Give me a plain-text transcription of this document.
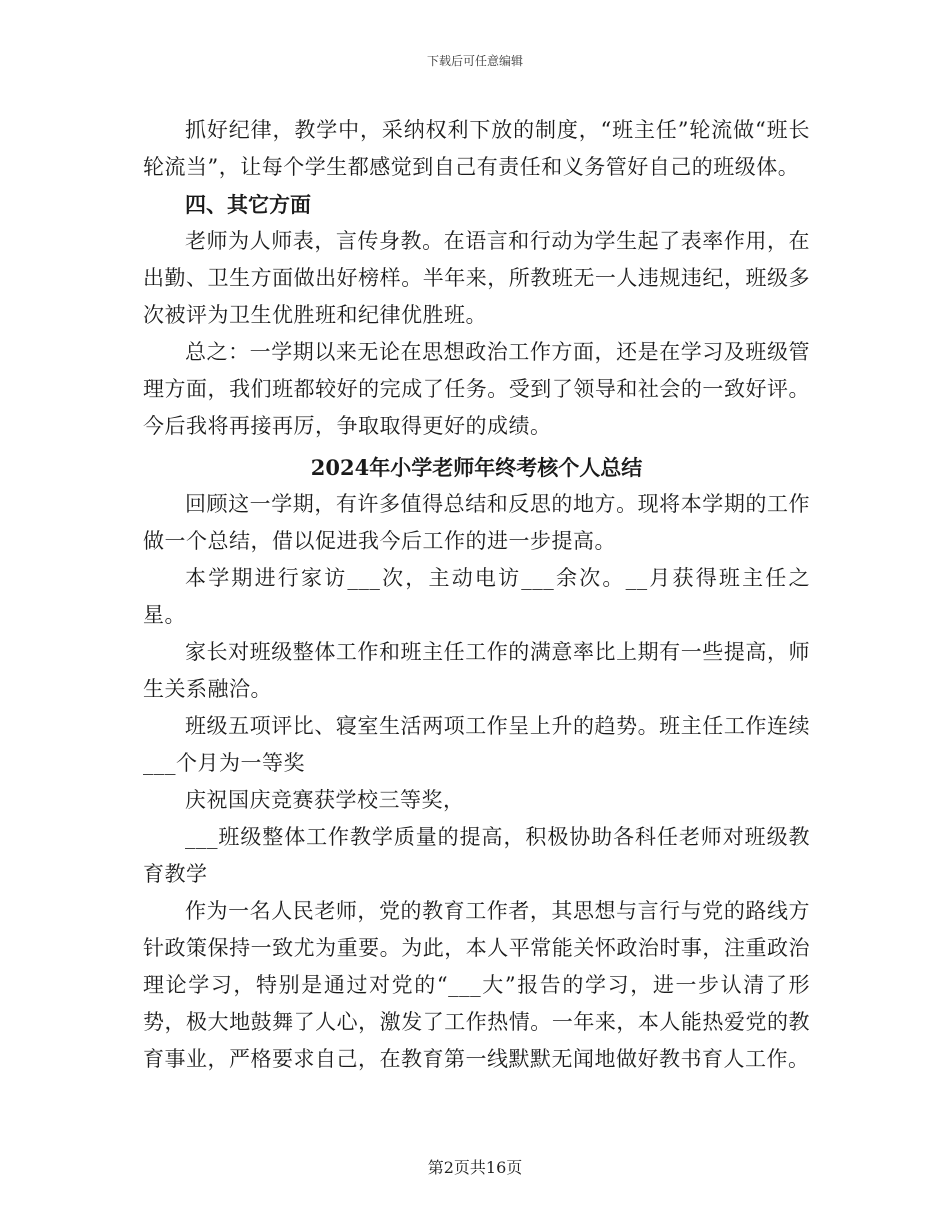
下载后可任意编辑

抓好纪律，教学中，采纳权利下放的制度，“班主任”轮流做“班长轮流当”，让每个学生都感觉到自己有责任和义务管好自己的班级体。

四、其它方面

老师为人师表，言传身教。在语言和行动为学生起了表率作用，在出勤、卫生方面做出好榜样。半年来，所教班无一人违规违纪，班级多次被评为卫生优胜班和纪律优胜班。

总之：一学期以来无论在思想政治工作方面，还是在学习及班级管理方面，我们班都较好的完成了任务。受到了领导和社会的一致好评。今后我将再接再厉，争取取得更好的成绩。

2024年小学老师年终考核个人总结

回顾这一学期，有许多值得总结和反思的地方。现将本学期的工作做一个总结，借以促进我今后工作的进一步提高。

本学期进行家访___次，主动电访___余次。__月获得班主任之星。

家长对班级整体工作和班主任工作的满意率比上期有一些提高，师生关系融洽。

班级五项评比、寝室生活两项工作呈上升的趋势。班主任工作连续___个月为一等奖

庆祝国庆竞赛获学校三等奖，

___班级整体工作教学质量的提高，积极协助各科任老师对班级教育教学

作为一名人民老师，党的教育工作者，其思想与言行与党的路线方针政策保持一致尤为重要。为此，本人平常能关怀政治时事，注重政治理论学习，特别是通过对党的“___大”报告的学习，进一步认清了形势，极大地鼓舞了人心，激发了工作热情。一年来，本人能热爱党的教育事业，严格要求自己，在教育第一线默默无闻地做好教书育人工作。

第2页共16页
